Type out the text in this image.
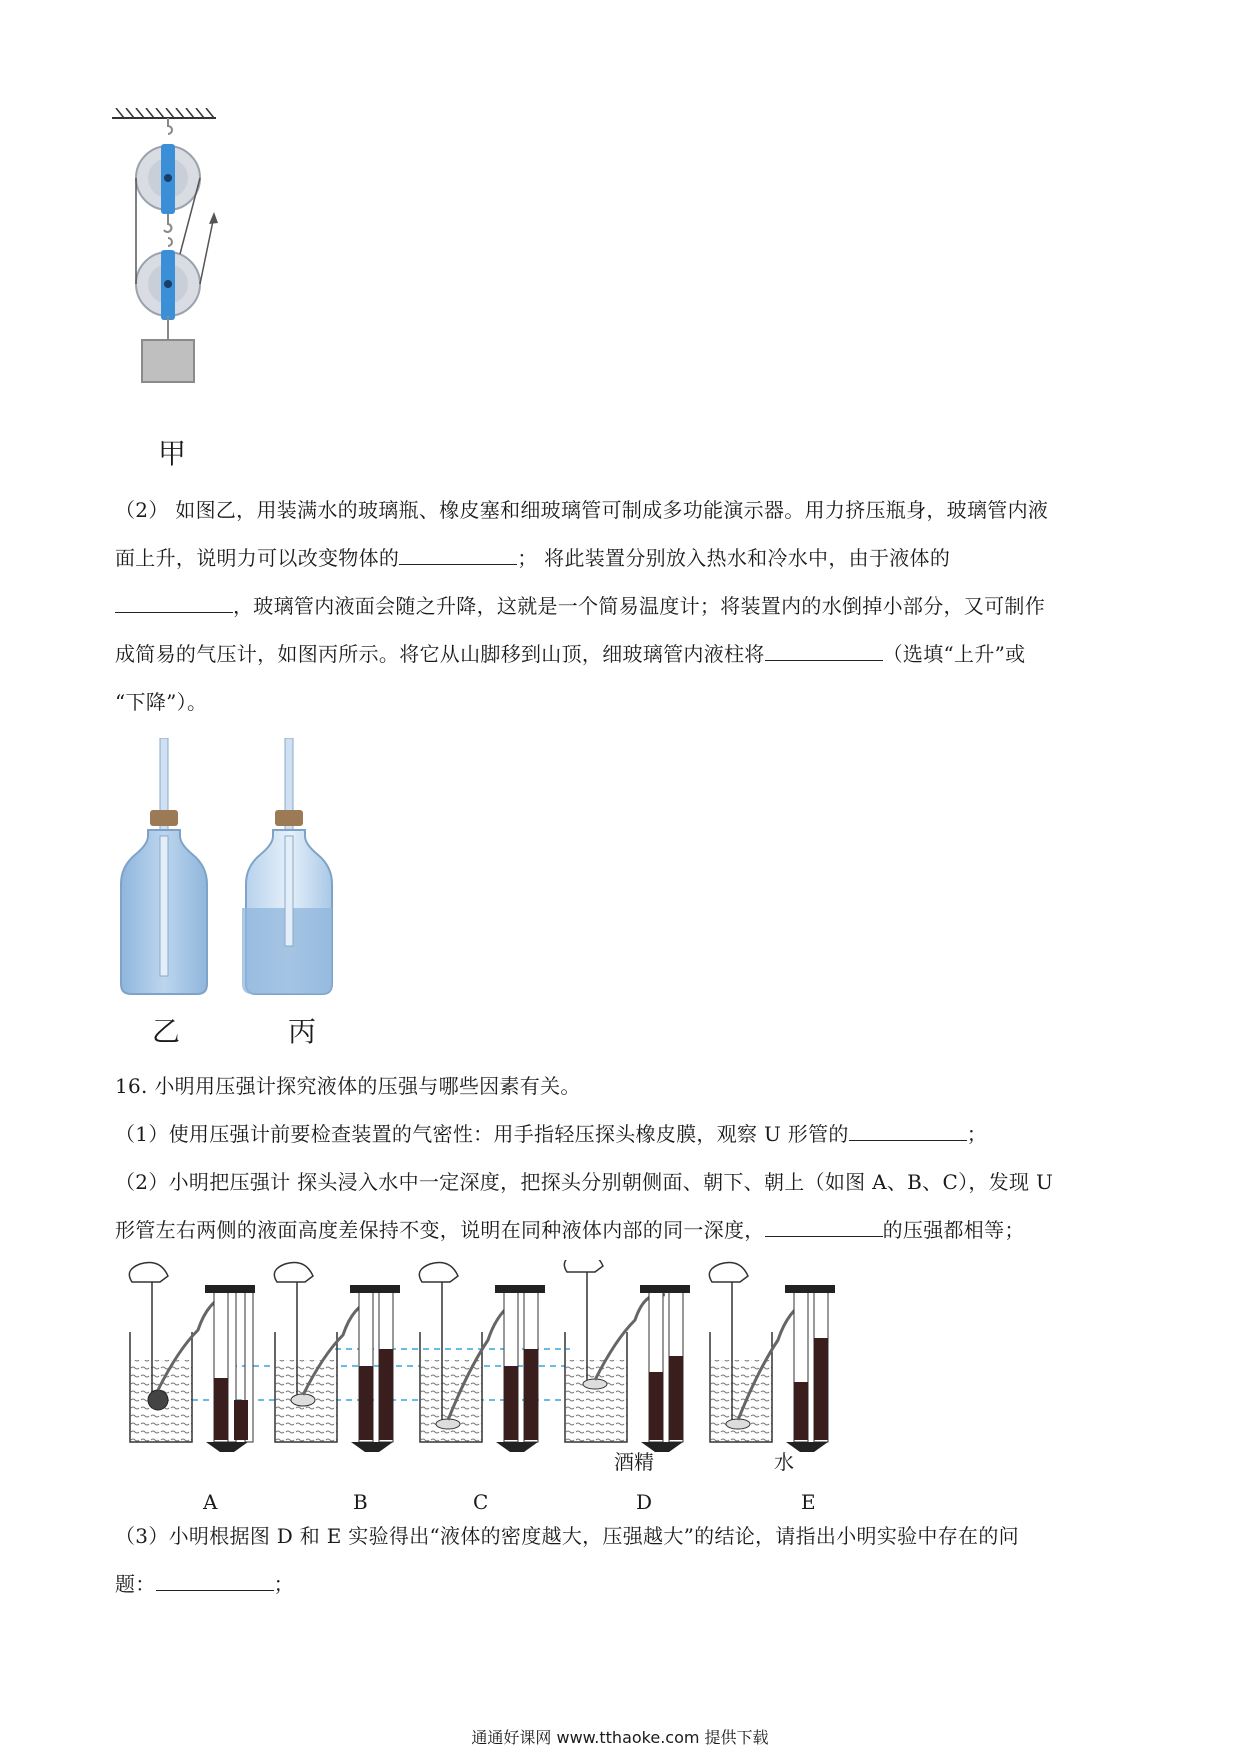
甲
（2） 如图乙，用装满水的玻璃瓶、橡皮塞和细玻璃管可制成多功能演示器。用力挤压瓶身，玻璃管内液
面上升，说明力可以改变物体的	； 将此装置分别放入热水和冷水中，由于液体的
，玻璃管内液面会随之升降，这就是一个简易温度计；将装置内的水倒掉小部分，又可制作
成简易的气压计，如图丙所示。将它从山脚移到山顶，细玻璃管内液柱将	（选填“上升”或
“下降”）。
乙	丙
16. 小明用压强计探究液体的压强与哪些因素有关。
（1）使用压强计前要检查装置的气密性：用手指轻压探头橡皮膜，观察 U 形管的	；
（2）小明把压强计 探头浸入水中一定深度，把探头分别朝侧面、朝下、朝上（如图 A、B、C），发现 U
形管左右两侧的液面高度差保持不变，说明在同种液体内部的同一深度，	的压强都相等；
酒精	水
A	B	C	D	E
（3）小明根据图 D 和 E 实验得出“液体的密度越大，压强越大”的结论，请指出小明实验中存在的问
题：	；
通通好课网 www.tthaoke.com 提供下载
